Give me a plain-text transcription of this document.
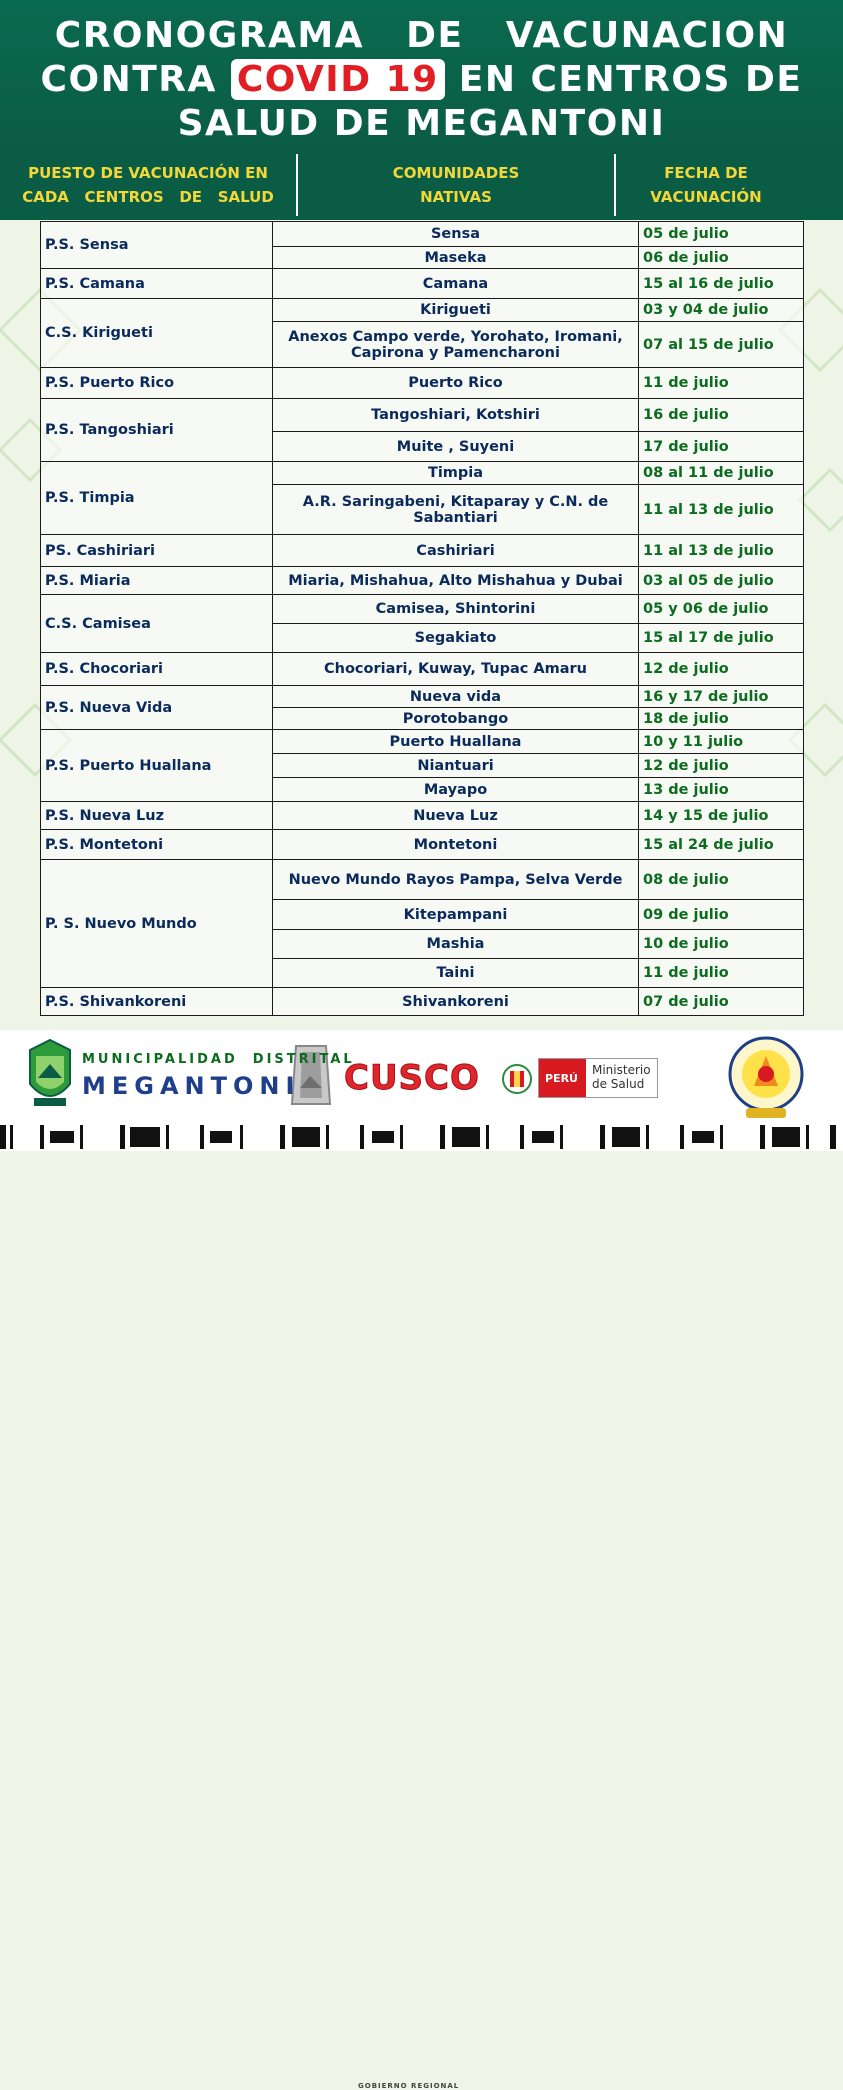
CRONOGRAMA   DE   VACUNACION
CONTRA COVID 19 EN CENTROS DE
SALUD DE MEGANTONI
PUESTO DE VACUNACIÓN EN
CADA   CENTROS   DE   SALUD
COMUNIDADES
NATIVAS
FECHA DE
VACUNACIÓN
P.S. Sensa	Sensa	05 de julio
	Maseka	06 de julio
P.S. Camana	Camana	15 al 16 de julio
C.S. Kirigueti	Kirigueti	03 y 04 de julio
	Anexos Campo verde, Yorohato, Iromani, Capirona y Pamencharoni	07 al 15 de julio
P.S. Puerto Rico	Puerto Rico	11 de julio
P.S. Tangoshiari	Tangoshiari, Kotshiri	16 de julio
	Muite , Suyeni	17 de julio
P.S. Timpia	Timpia	08 al 11 de julio
	A.R. Saringabeni, Kitaparay y C.N. de Sabantiari	11 al 13 de julio
PS. Cashiriari	Cashiriari	11 al 13 de julio
P.S. Miaria	Miaria, Mishahua, Alto Mishahua y Dubai	03 al 05 de julio
C.S. Camisea	Camisea, Shintorini	05 y 06 de julio
	Segakiato	15 al 17 de julio
P.S. Chocoriari	Chocoriari, Kuway, Tupac Amaru	12 de julio
P.S. Nueva Vida	Nueva vida	16 y 17 de julio
	Porotobango	18 de julio
P.S. Puerto Huallana	Puerto Huallana	10 y 11 julio
	Niantuari	12 de julio
	Mayapo	13 de julio
P.S. Nueva Luz	Nueva Luz	14 y 15 de julio
P.S. Montetoni	Montetoni	15 al 24 de julio
P. S. Nuevo Mundo	Nuevo Mundo Rayos Pampa, Selva Verde	08 de julio
	Kitepampani	09 de julio
	Mashia	10 de julio
	Taini	11 de julio
P.S. Shivankoreni	Shivankoreni	07 de julio
GOBIERNO REGIONAL
MUNICIPALIDAD  DISTRITAL
MEGANTONI CUSCO	PERÚ
Ministerio
de Salud
